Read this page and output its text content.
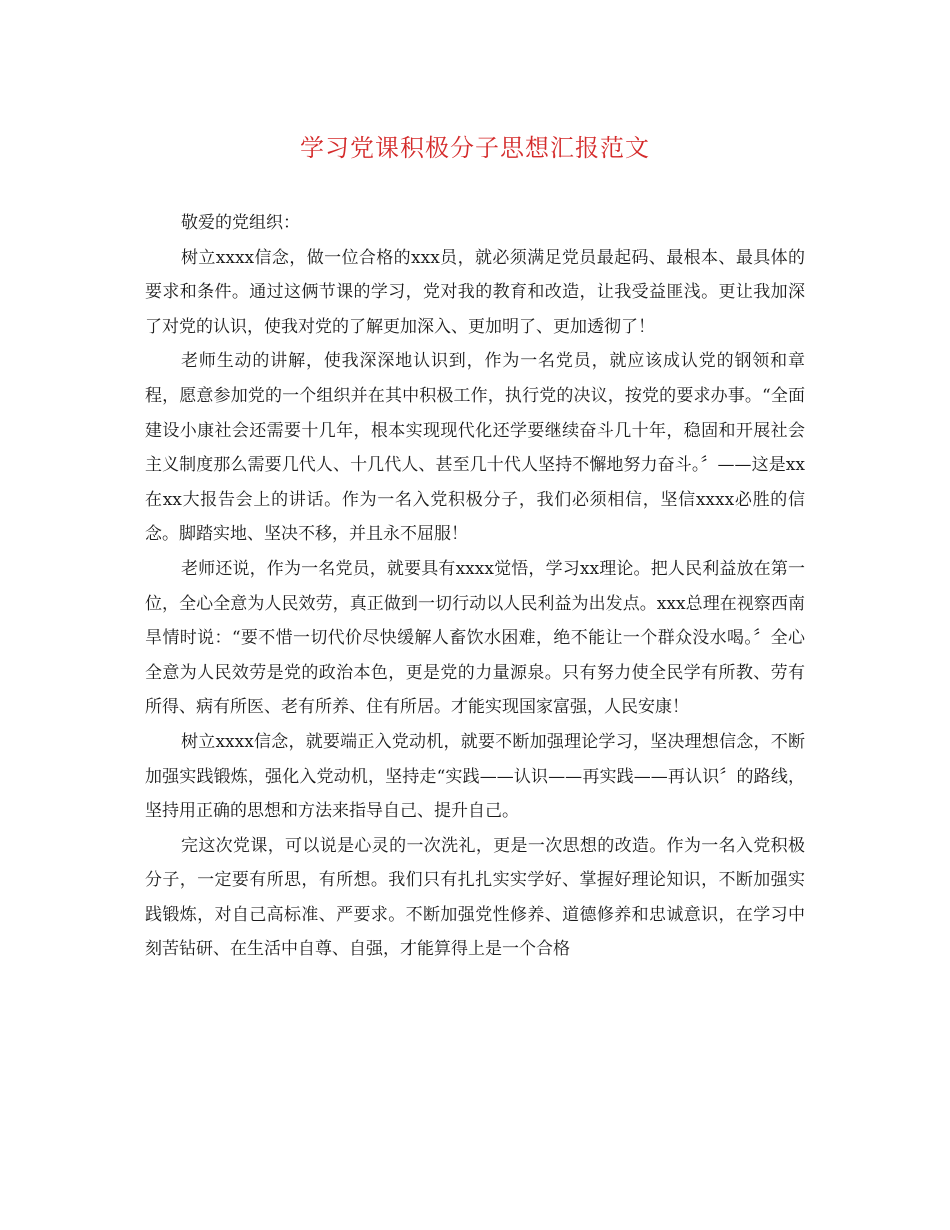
学习党课积极分子思想汇报范文

敬爱的党组织：

树立xxxx信念，做一位合格的xxx员，就必须满足党员最起码、最根本、最具体的要求和条件。通过这俩节课的学习，党对我的教育和改造，让我受益匪浅。更让我加深了对党的认识，使我对党的了解更加深入、更加明了、更加透彻了！

老师生动的讲解，使我深深地认识到，作为一名党员，就应该成认党的钢领和章程，愿意参加党的一个组织并在其中积极工作，执行党的决议，按党的要求办事。“全面建设小康社会还需要十几年，根本实现现代化还学要继续奋斗几十年，稳固和开展社会主义制度那么需要几代人、十几代人、甚至几十代人坚持不懈地努力奋斗。〞——这是xx在xx大报告会上的讲话。作为一名入党积极分子，我们必须相信，坚信xxxx必胜的信念。脚踏实地、坚决不移，并且永不屈服！

老师还说，作为一名党员，就要具有xxxx觉悟，学习xx理论。把人民利益放在第一位，全心全意为人民效劳，真正做到一切行动以人民利益为出发点。xxx总理在视察西南旱情时说：“要不惜一切代价尽快缓解人畜饮水困难，绝不能让一个群众没水喝。〞全心全意为人民效劳是党的政治本色，更是党的力量源泉。只有努力使全民学有所教、劳有所得、病有所医、老有所养、住有所居。才能实现国家富强，人民安康！

树立xxxx信念，就要端正入党动机，就要不断加强理论学习，坚决理想信念，不断加强实践锻炼，强化入党动机，坚持走“实践——认识——再实践——再认识〞的路线，坚持用正确的思想和方法来指导自己、提升自己。

完这次党课，可以说是心灵的一次洗礼，更是一次思想的改造。作为一名入党积极分子，一定要有所思，有所想。我们只有扎扎实实学好、掌握好理论知识，不断加强实践锻炼，对自己高标准、严要求。不断加强党性修养、道德修养和忠诚意识，在学习中刻苦钻研、在生活中自尊、自强，才能算得上是一个合格
